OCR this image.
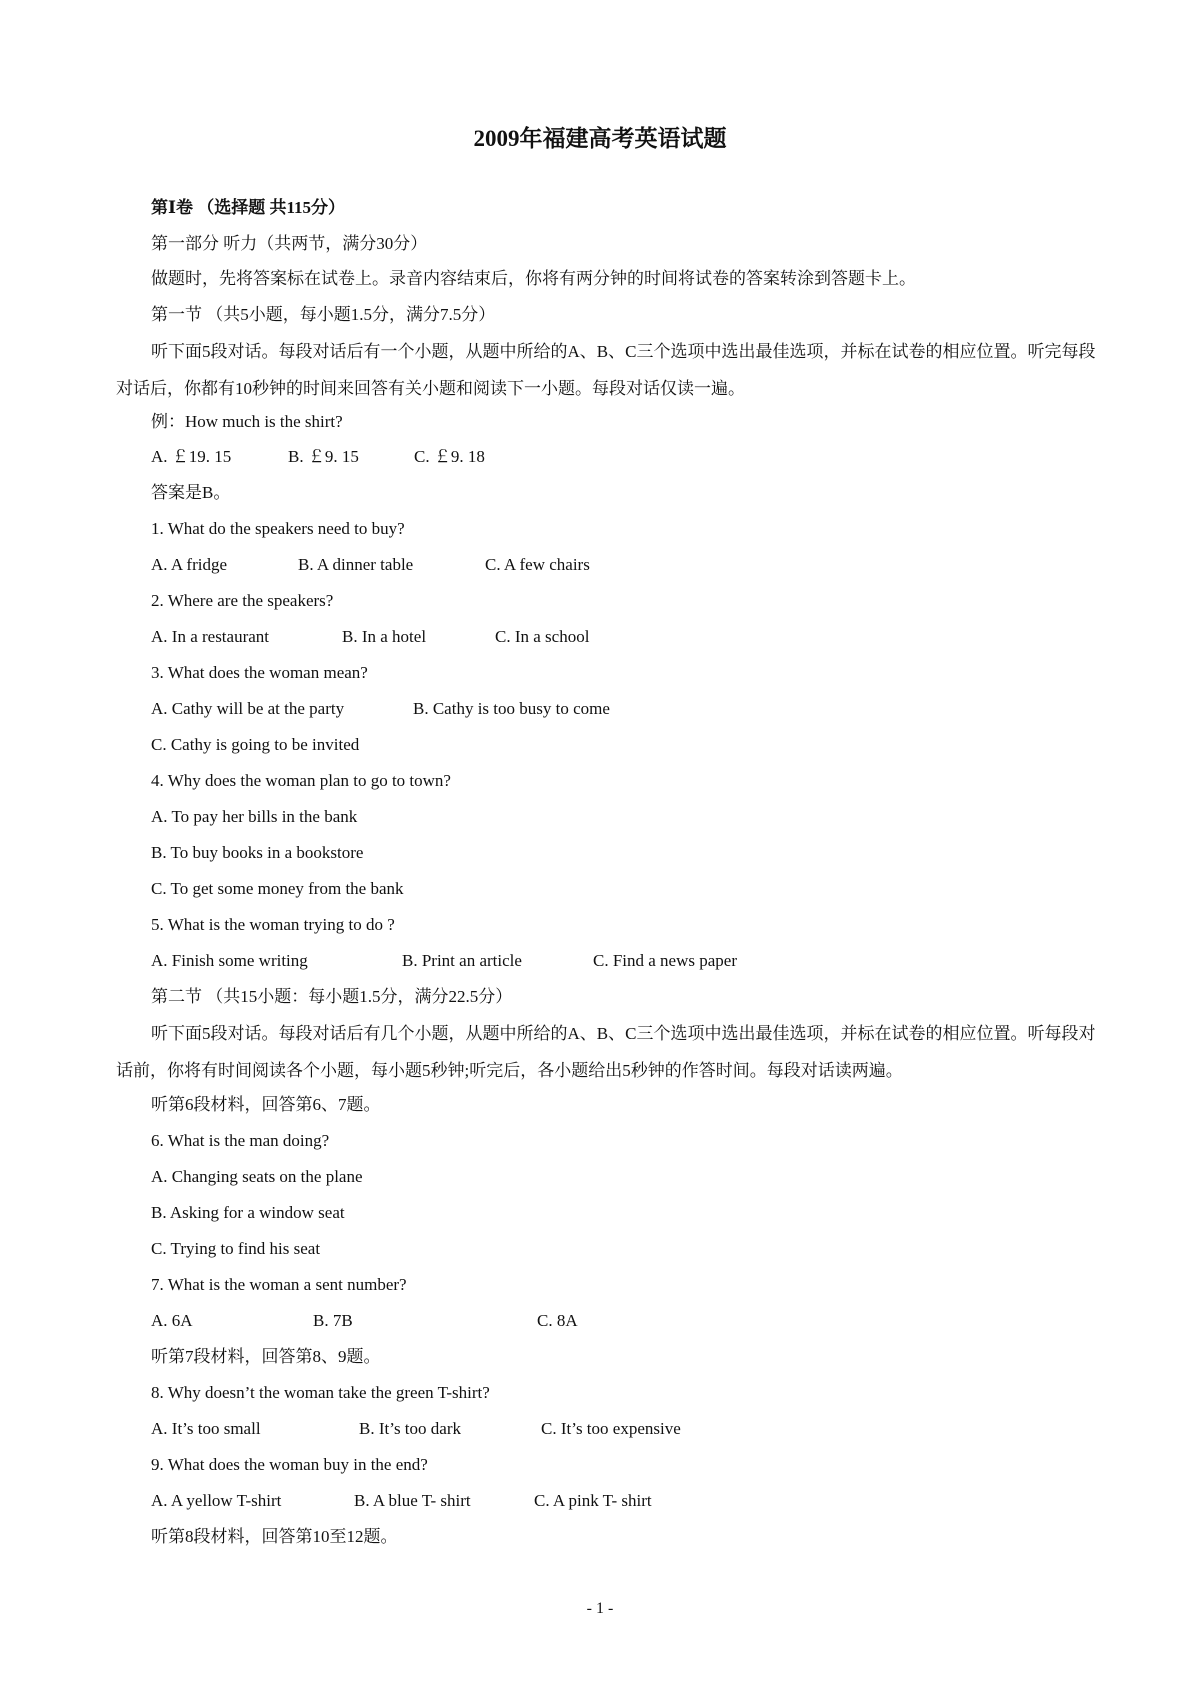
2009年福建高考英语试题
第Ⅰ卷 （选择题 共115分）
第一部分 听力（共两节，满分30分）
做题时，先将答案标在试卷上。录音内容结束后，你将有两分钟的时间将试卷的答案转涂到答题卡上。
第一节 （共5小题，每小题1.5分，满分7.5分）
听下面5段对话。每段对话后有一个小题，从题中所给的A、B、C三个选项中选出最佳选项，并标在试卷的相应位置。听完每段对话后，你都有10秒钟的时间来回答有关小题和阅读下一小题。每段对话仅读一遍。
例：How much is the shirt?
A. ￡19. 15	B. ￡9. 15	C. ￡9. 18
答案是B。
1. What do the speakers need to buy?
A. A fridge	B. A dinner table	C. A few chairs
2. Where are the speakers?
A. In a restaurant	B. In a hotel	C. In a school
3. What does the woman mean?
A. Cathy will be at the party	B. Cathy is too busy to come
C. Cathy is going to be invited
4. Why does the woman plan to go to town?
A. To pay her bills in the bank
B. To buy books in a bookstore
C. To get some money from the bank
5. What is the woman trying to do ?
A. Finish some writing	B. Print an article	C. Find a news paper
第二节 （共15小题：每小题1.5分，满分22.5分）
听下面5段对话。每段对话后有几个小题，从题中所给的A、B、C三个选项中选出最佳选项，并标在试卷的相应位置。听每段对话前，你将有时间阅读各个小题，每小题5秒钟;听完后，各小题给出5秒钟的作答时间。每段对话读两遍。
听第6段材料，回答第6、7题。
6. What is the man doing?
A. Changing seats on the plane
B. Asking for a window seat
C. Trying to find his seat
7. What is the woman a sent number?
A. 6A	B. 7B	C. 8A
听第7段材料，回答第8、9题。
8. Why doesn’t the woman take the green T-shirt?
A. It’s too small	B. It’s too dark	C. It’s too expensive
9. What does the woman buy in the end?
A. A yellow T-shirt	B. A blue T- shirt	C. A pink T- shirt
听第8段材料，回答第10至12题。
- 1 -
